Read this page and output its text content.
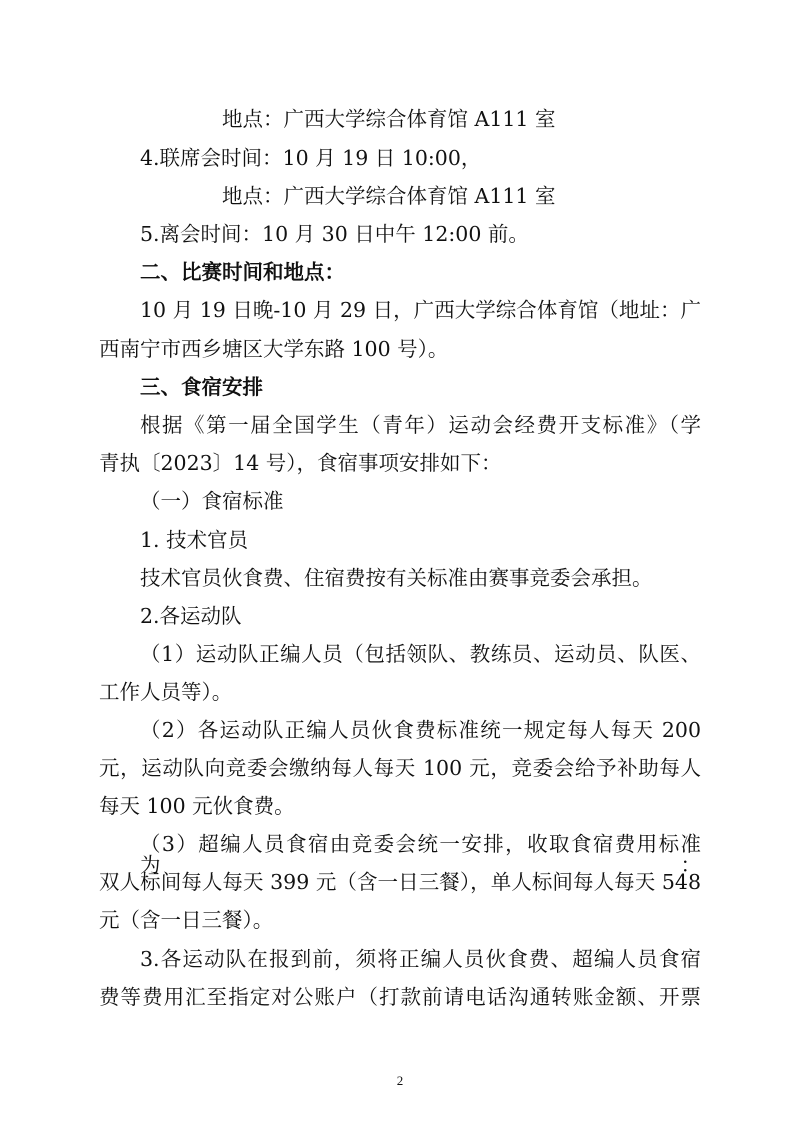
地点：广西大学综合体育馆 A111 室
4.联席会时间：10 月 19 日 10:00，
地点：广西大学综合体育馆 A111 室
5.离会时间：10 月 30 日中午 12:00 前。
二、比赛时间和地点：
10 月 19 日晚-10 月 29 日，广西大学综合体育馆（地址：广
西南宁市西乡塘区大学东路 100 号）。
三、食宿安排
根据《第一届全国学生（青年）运动会经费开支标准》（学
青执〔2023〕14 号），食宿事项安排如下：
（一）食宿标准
1. 技术官员
技术官员伙食费、住宿费按有关标准由赛事竞委会承担。
2.各运动队
（1）运动队正编人员（包括领队、教练员、运动员、队医、
工作人员等）。
（2）各运动队正编人员伙食费标准统一规定每人每天 200
元，运动队向竞委会缴纳每人每天 100 元，竞委会给予补助每人
每天 100 元伙食费。
（3）超编人员食宿由竞委会统一安排，收取食宿费用标准为：
双人标间每人每天 399 元（含一日三餐），单人标间每人每天 548
元（含一日三餐）。
3.各运动队在报到前，须将正编人员伙食费、超编人员食宿
费等费用汇至指定对公账户（打款前请电话沟通转账金额、开票
2
